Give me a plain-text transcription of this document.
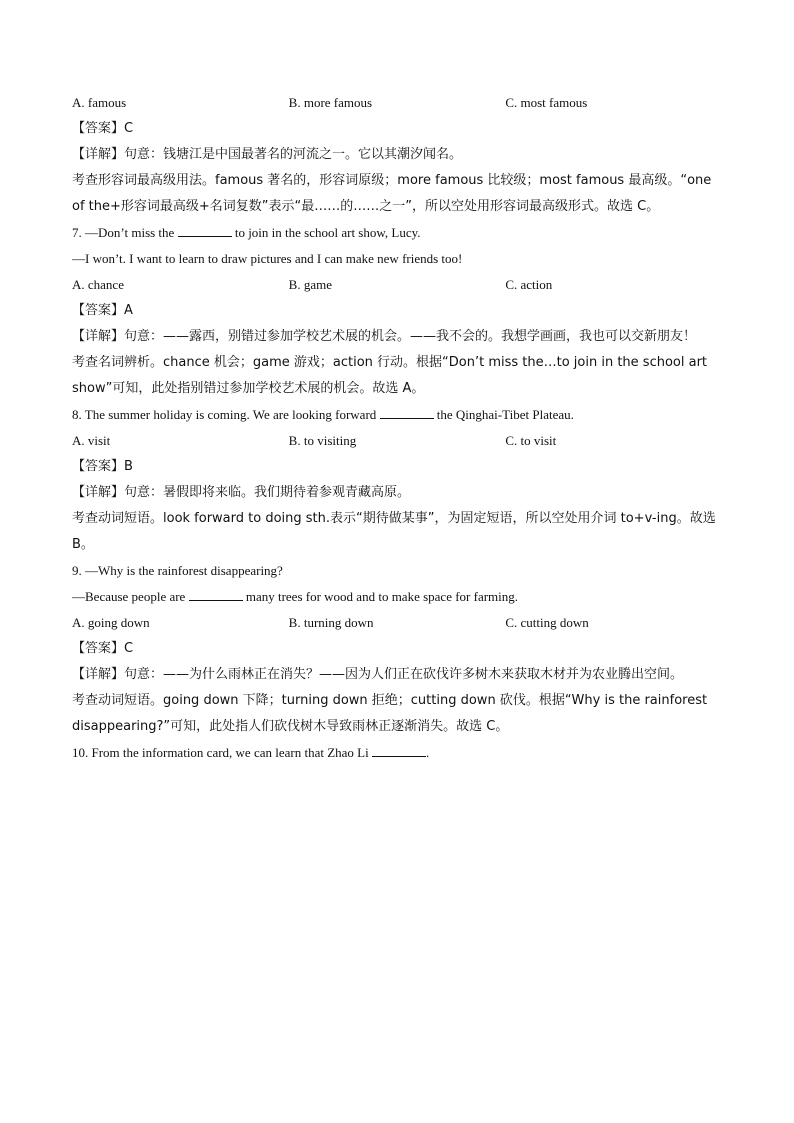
A. famous	B. more famous	C. most famous
【答案】C
【详解】句意：钱塘江是中国最著名的河流之一。它以其潮汐闻名。
考查形容词最高级用法。famous 著名的，形容词原级；more famous 比较级；most famous 最高级。“one of the+形容词最高级+名词复数”表示“最……的……之一”，所以空处用形容词最高级形式。故选 C。
7. —Don’t miss the	to join in the school art show, Lucy.
—I won’t. I want to learn to draw pictures and I can make new friends too!
A. chance	B. game	C. action
【答案】A
【详解】句意：——露西，别错过参加学校艺术展的机会。——我不会的。我想学画画，我也可以交新朋友！
考查名词辨析。chance 机会；game 游戏；action 行动。根据“Don’t miss the…to join in the school art show”可知，此处指别错过参加学校艺术展的机会。故选 A。
8. The summer holiday is coming. We are looking forward	the Qinghai-Tibet Plateau.
A. visit	B. to visiting	C. to visit
【答案】B
【详解】句意：暑假即将来临。我们期待着参观青藏高原。
考查动词短语。look forward to doing sth.表示“期待做某事”，为固定短语，所以空处用介词 to+v-ing。故选 B。
9. —Why is the rainforest disappearing?
—Because people are	many trees for wood and to make space for farming.
A. going down	B. turning down	C. cutting down
【答案】C
【详解】句意：——为什么雨林正在消失？——因为人们正在砍伐许多树木来获取木材并为农业腾出空间。
考查动词短语。going down 下降；turning down 拒绝；cutting down 砍伐。根据“Why is the rainforest disappearing?”可知，此处指人们砍伐树木导致雨林正逐渐消失。故选 C。
10. From the information card, we can learn that Zhao Li	.
